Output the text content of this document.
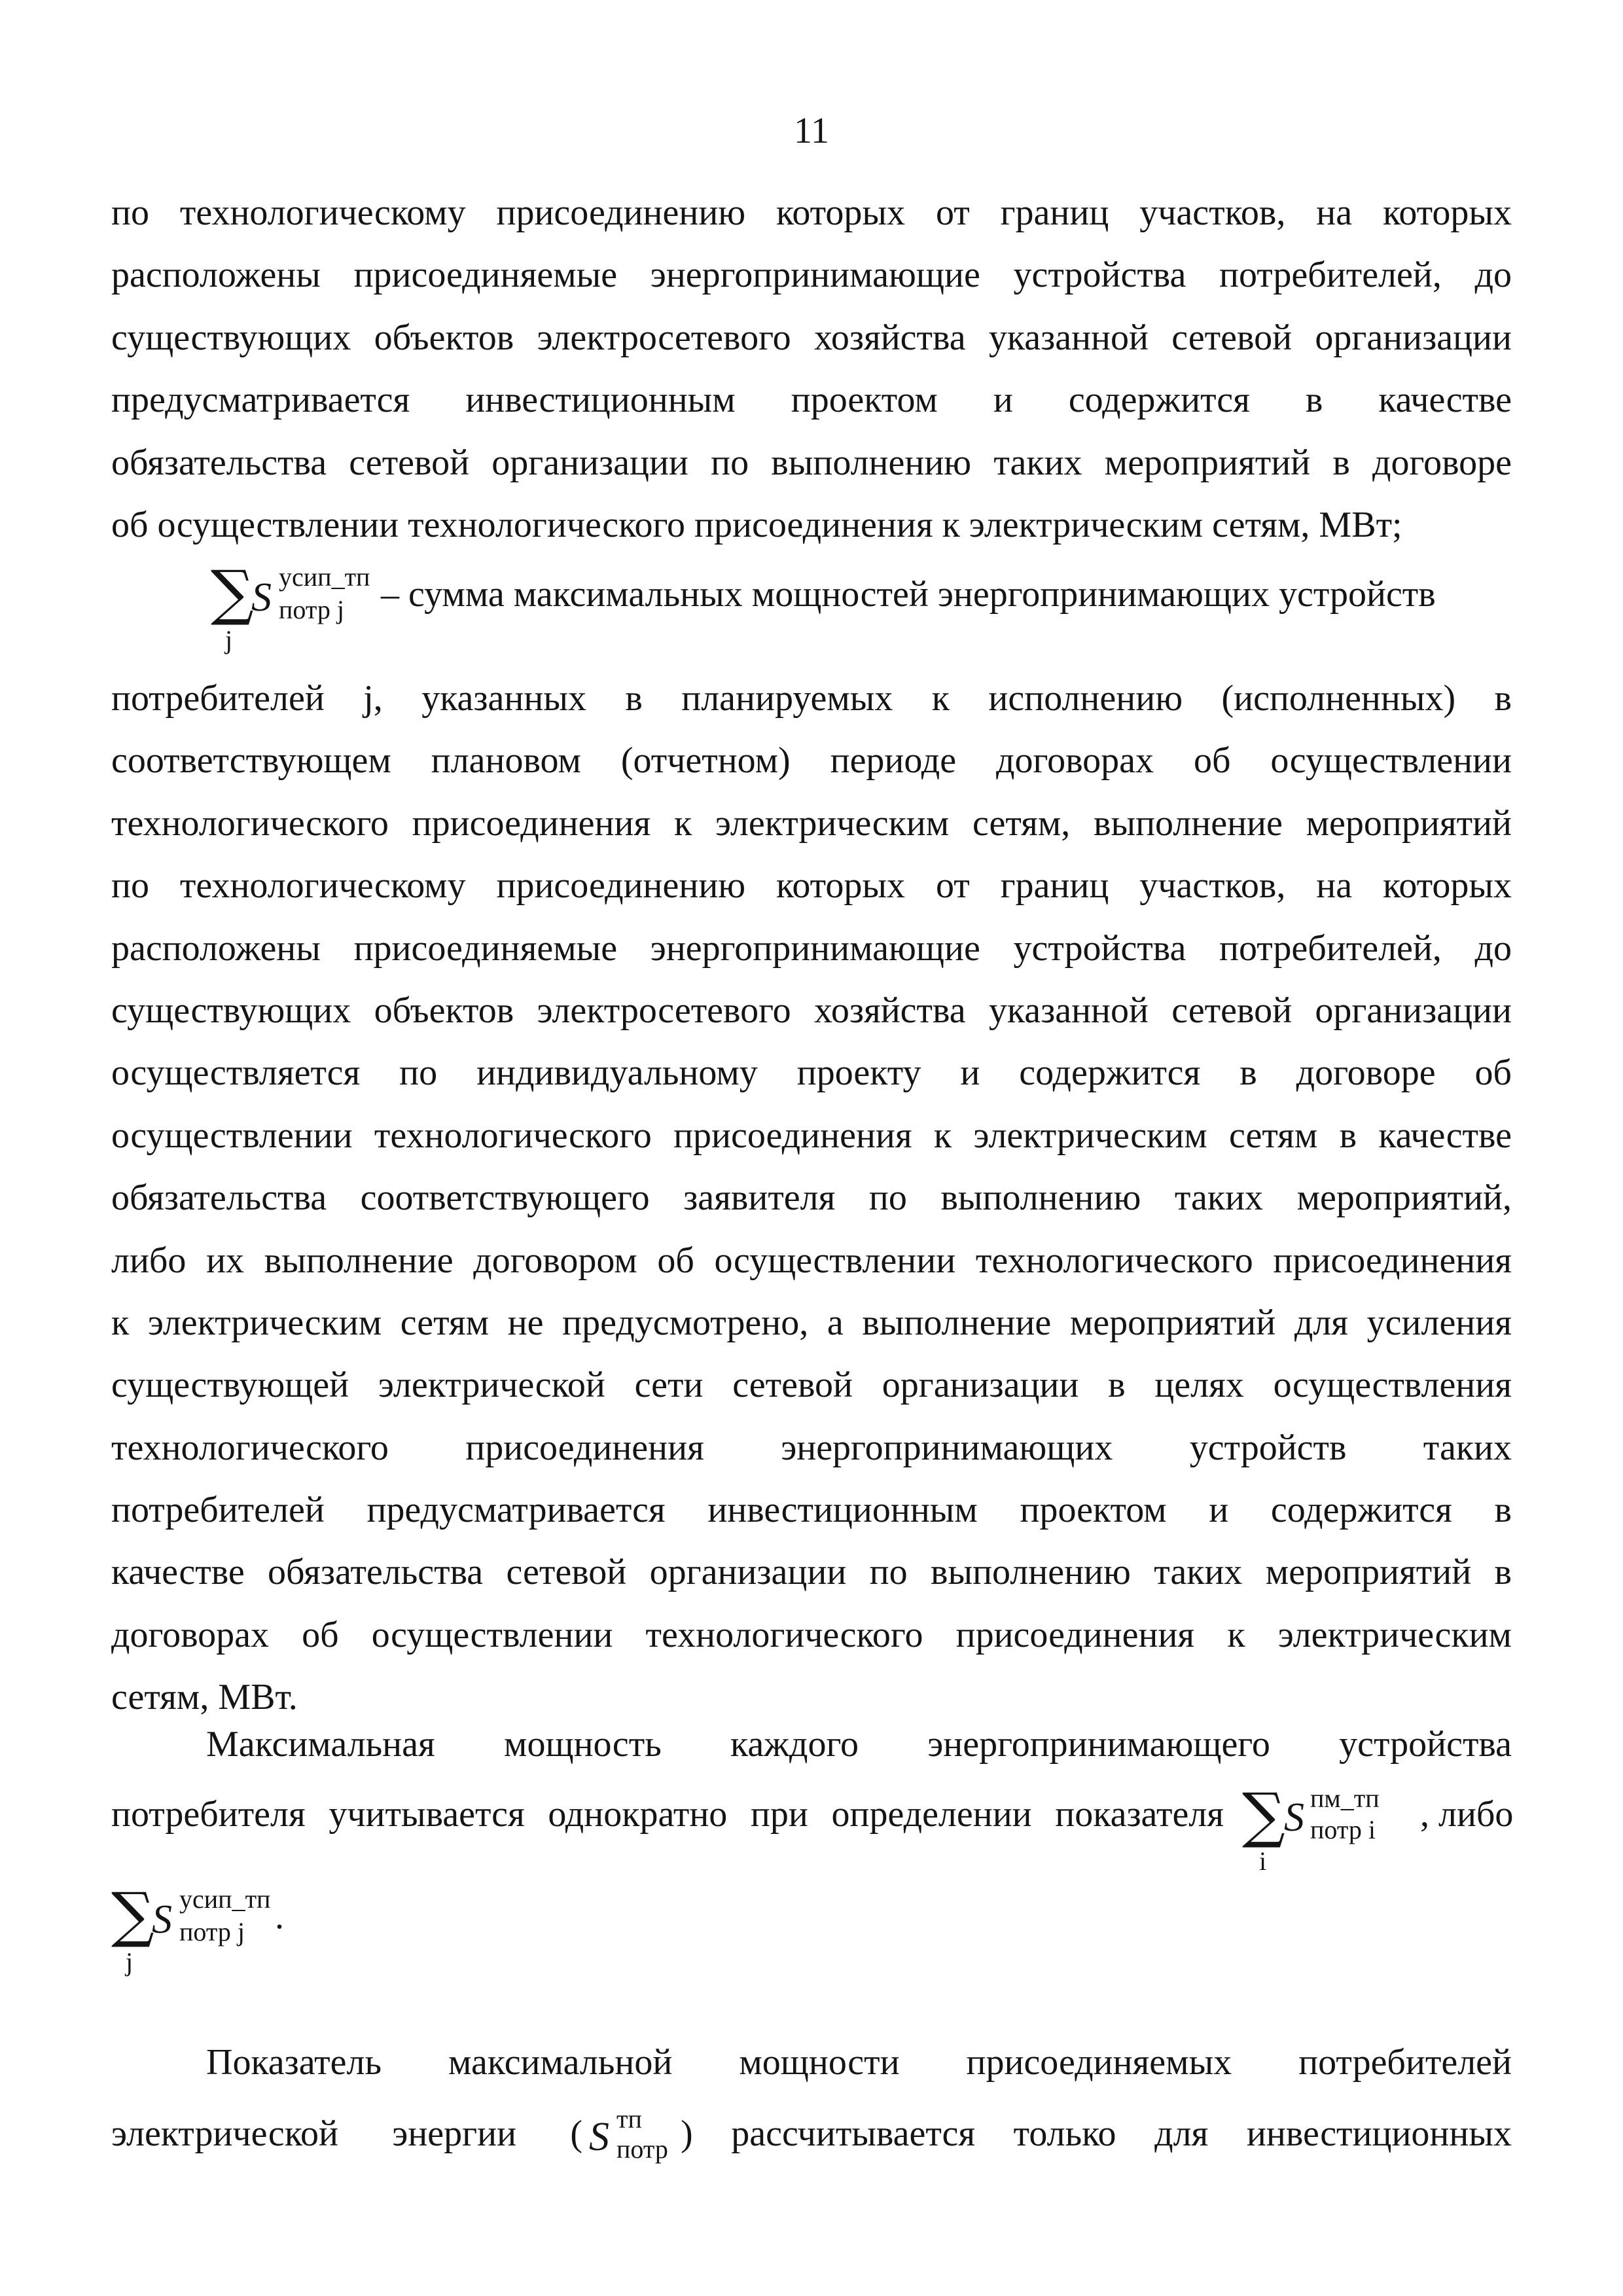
11
по технологическому присоединению которых от границ участков, на которых
расположены присоединяемые энергопринимающие устройства потребителей, до
существующих объектов электросетевого хозяйства указанной сетевой организации
предусматривается инвестиционным проектом и содержится в качестве
обязательства сетевой организации по выполнению таких мероприятий в договоре
об осуществлении технологического присоединения к электрическим сетям, МВт;
∑
j
S усип_тп
потр j – сумма максимальных мощностей энергопринимающих устройств
потребителей j, указанных в планируемых к исполнению (исполненных) в
соответствующем плановом (отчетном) периоде договорах об осуществлении
технологического присоединения к электрическим сетям, выполнение мероприятий
по технологическому присоединению которых от границ участков, на которых
расположены присоединяемые энергопринимающие устройства потребителей, до
существующих объектов электросетевого хозяйства указанной сетевой организации
осуществляется по индивидуальному проекту и содержится в договоре об
осуществлении технологического присоединения к электрическим сетям в качестве
обязательства соответствующего заявителя по выполнению таких мероприятий,
либо их выполнение договором об осуществлении технологического присоединения
к электрическим сетям не предусмотрено, а выполнение мероприятий для усиления
существующей электрической сети сетевой организации в целях осуществления
технологического присоединения энергопринимающих устройств таких
потребителей предусматривается инвестиционным проектом и содержится в
качестве обязательства сетевой организации по выполнению таких мероприятий в
договорах об осуществлении технологического присоединения к электрическим
сетям, МВт.
Максимальная мощность каждого энергопринимающего устройства
потребителя учитывается однократно при определении показателя ∑
i
S пм_тп
потр i , либо
∑
j
S усип_тп
потр j .
Показатель максимальной мощности присоединяемых потребителей
электрической энергии ( S тп
потр ) рассчитывается только для инвестиционных
